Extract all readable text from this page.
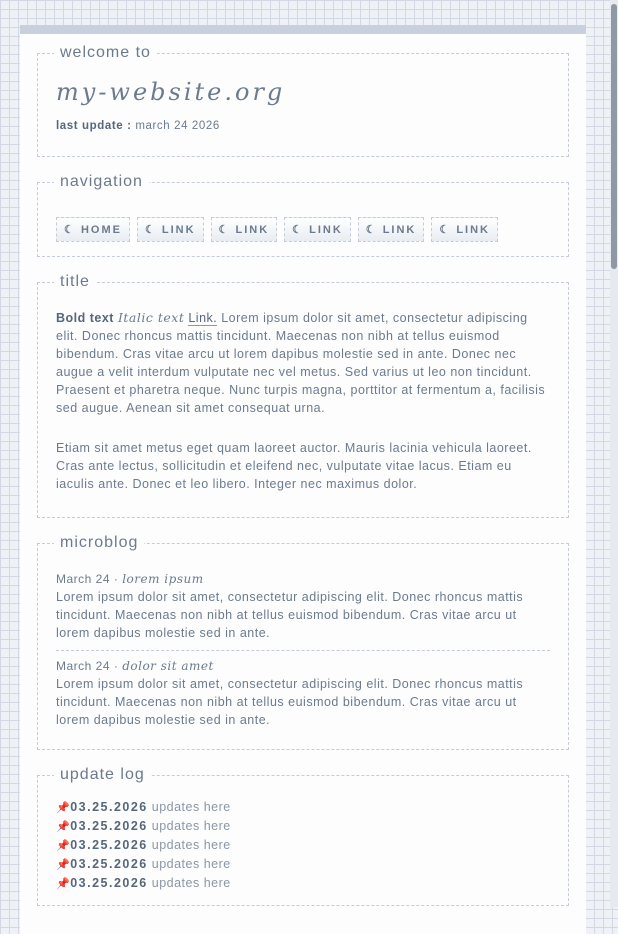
welcome to
my-website.org
last update : march 24 2026
navigation
☾ HOME	☾ LINK	☾ LINK	☾ LINK	☾ LINK	☾ LINK
title

Bold text Italic text Link. Lorem ipsum dolor sit amet, consectetur adipiscing elit. Donec rhoncus mattis tincidunt. Maecenas non nibh at tellus euismod bibendum. Cras vitae arcu ut lorem dapibus molestie sed in ante. Donec nec augue a velit interdum vulputate nec vel metus. Sed varius ut leo non tincidunt. Praesent et pharetra neque. Nunc turpis magna, porttitor at fermentum a, facilisis sed augue. Aenean sit amet consequat urna.

Etiam sit amet metus eget quam laoreet auctor. Mauris lacinia vehicula laoreet. Cras ante lectus, sollicitudin et eleifend nec, vulputate vitae lacus. Etiam eu iaculis ante. Donec et leo libero. Integer nec maximus dolor.

microblog
March 24 · lorem ipsum
Lorem ipsum dolor sit amet, consectetur adipiscing elit. Donec rhoncus mattis tincidunt. Maecenas non nibh at tellus euismod bibendum. Cras vitae arcu ut lorem dapibus molestie sed in ante.
March 24 · dolor sit amet
Lorem ipsum dolor sit amet, consectetur adipiscing elit. Donec rhoncus mattis tincidunt. Maecenas non nibh at tellus euismod bibendum. Cras vitae arcu ut lorem dapibus molestie sed in ante.
update log
📌03.25.2026 updates here
📌03.25.2026 updates here
📌03.25.2026 updates here
📌03.25.2026 updates here
📌03.25.2026 updates here
